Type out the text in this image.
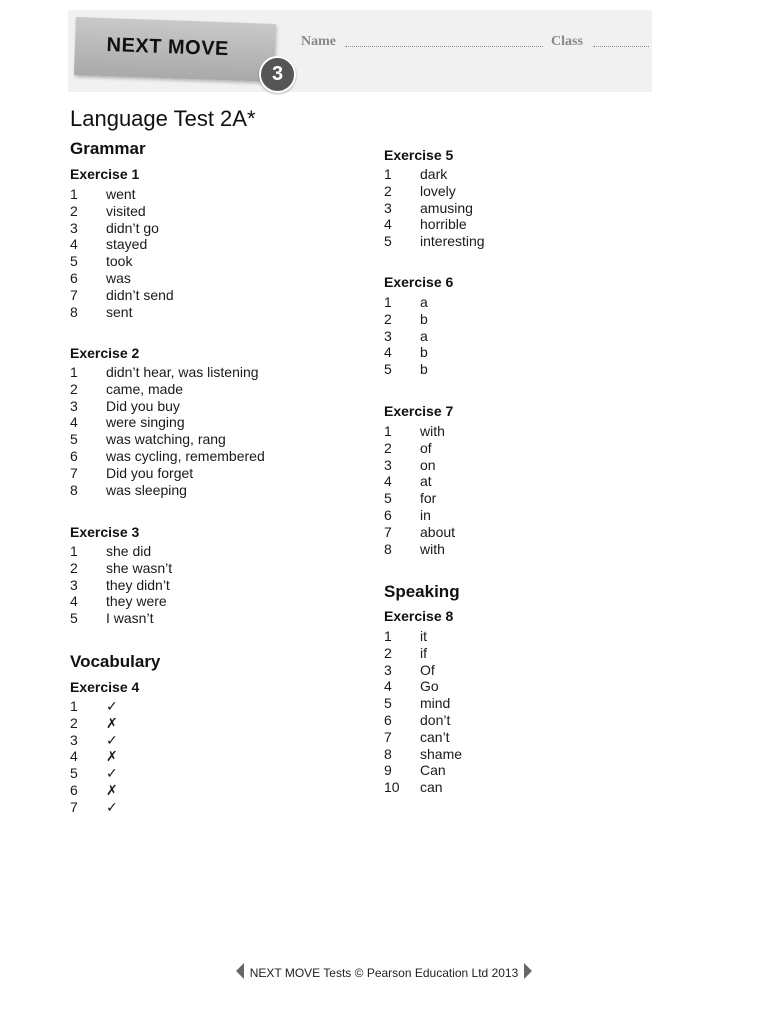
NEXT MOVE
3
Name	Class
Language Test 2A*
Grammar
Exercise 1
1 went
2 visited
3 didn’t go
4 stayed
5 took
6 was
7 didn’t send
8 sent
Exercise 2
1 didn’t hear, was listening
2 came, made
3 Did you buy
4 were singing
5 was watching, rang
6 was cycling, remembered
7 Did you forget
8 was sleeping
Exercise 3
1 she did
2 she wasn’t
3 they didn’t
4 they were
5 I wasn’t
Vocabulary
Exercise 4
1 ✓
2 ✗
3 ✓
4 ✗
5 ✓
6 ✗
7 ✓
Exercise 5
1 dark
2 lovely
3 amusing
4 horrible
5 interesting
Exercise 6
1 a
2 b
3 a
4 b
5 b
Exercise 7
1 with
2 of
3 on
4 at
5 for
6 in
7 about
8 with
Speaking
Exercise 8
1 it
2 if
3 Of
4 Go
5 mind
6 don’t
7 can’t
8 shame
9 Can
10 can
NEXT MOVE Tests © Pearson Education Ltd 2013
